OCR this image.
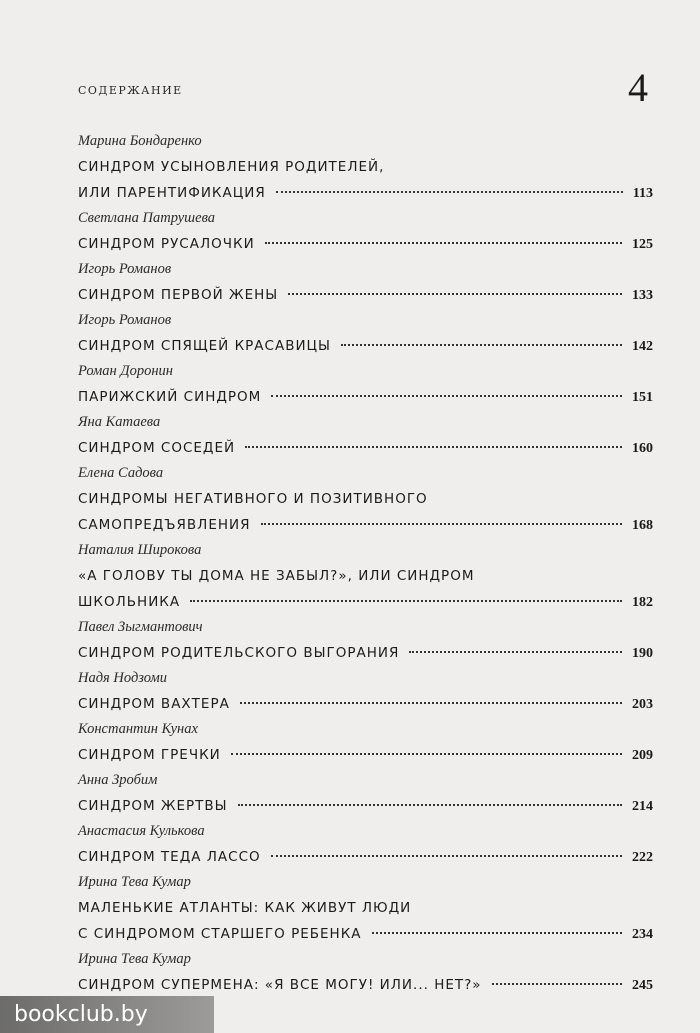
СОДЕРЖАНИЕ	4
Марина Бондаренко
СИНДРОМ УСЫНОВЛЕНИЯ РОДИТЕЛЕЙ,
ИЛИ ПАРЕНТИФИКАЦИЯ	113
Светлана Патрушева
СИНДРОМ РУСАЛОЧКИ	125
Игорь Романов
СИНДРОМ ПЕРВОЙ ЖЕНЫ	133
Игорь Романов
СИНДРОМ СПЯЩЕЙ КРАСАВИЦЫ	142
Роман Доронин
ПАРИЖСКИЙ СИНДРОМ	151
Яна Катаева
СИНДРОМ СОСЕДЕЙ	160
Елена Садова
СИНДРОМЫ НЕГАТИВНОГО И ПОЗИТИВНОГО
САМОПРЕДЪЯВЛЕНИЯ	168
Наталия Широкова
«А ГОЛОВУ ТЫ ДОМА НЕ ЗАБЫЛ?», ИЛИ СИНДРОМ
ШКОЛЬНИКА	182
Павел Зыгмантович
СИНДРОМ РОДИТЕЛЬСКОГО ВЫГОРАНИЯ	190
Надя Нодзоми
СИНДРОМ ВАХТЕРА	203
Константин Кунах
СИНДРОМ ГРЕЧКИ	209
Анна Зробим
СИНДРОМ ЖЕРТВЫ	214
Анастасия Кулькова
СИНДРОМ ТЕДА ЛАССО	222
Ирина Тева Кумар
МАЛЕНЬКИЕ АТЛАНТЫ: КАК ЖИВУТ ЛЮДИ
С СИНДРОМОМ СТАРШЕГО РЕБЕНКА	234
Ирина Тева Кумар
СИНДРОМ СУПЕРМЕНА: «Я ВСЕ МОГУ! ИЛИ... НЕТ?»	245
bookclub.by
